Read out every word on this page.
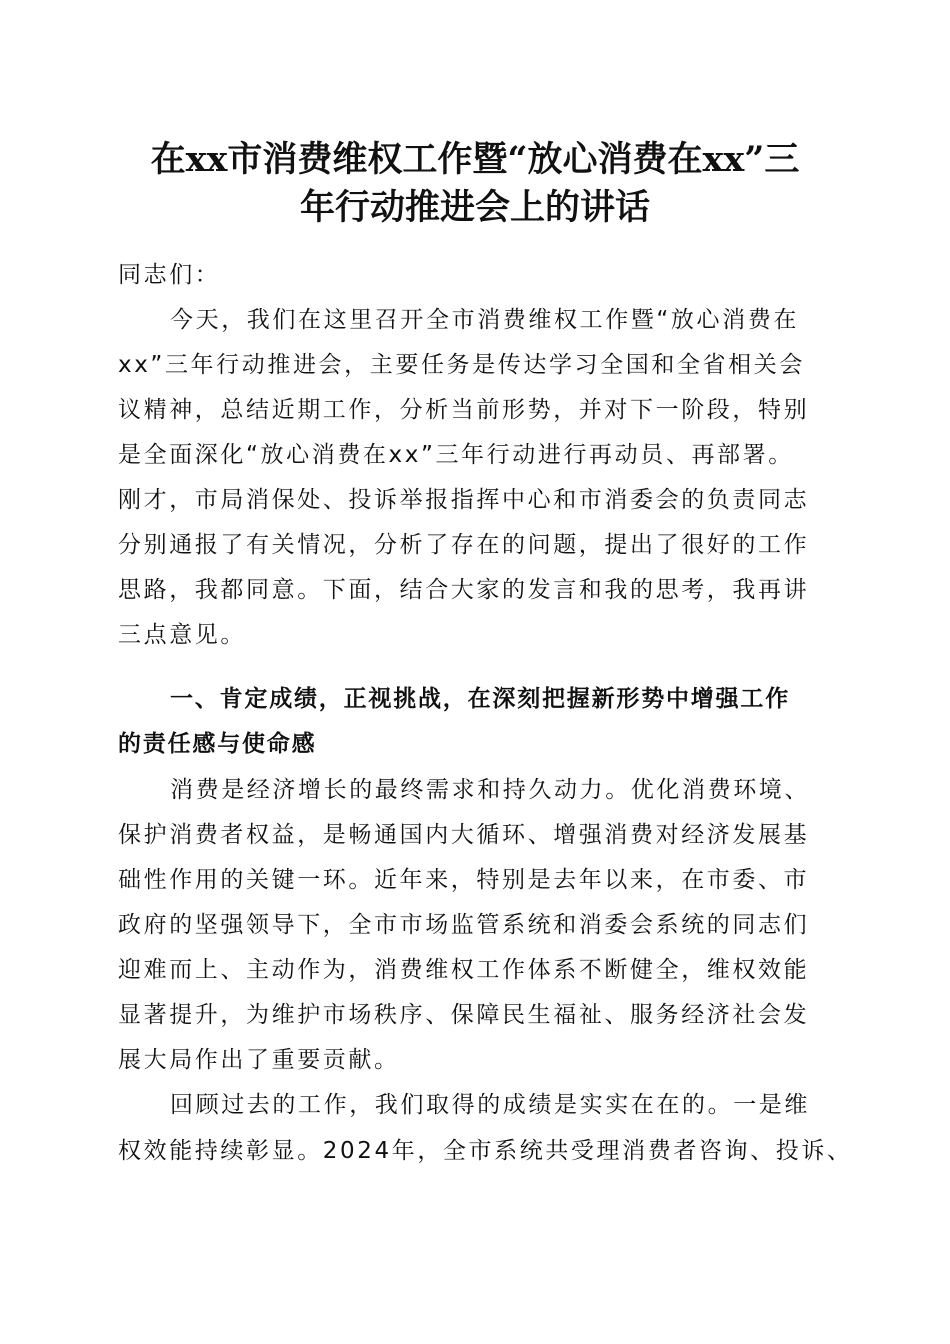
在xx市消费维权工作暨“放心消费在xx”三
年行动推进会上的讲话
同志们：
今天，我们在这里召开全市消费维权工作暨“放心消费在
xx”三年行动推进会，主要任务是传达学习全国和全省相关会
议精神，总结近期工作，分析当前形势，并对下一阶段，特别
是全面深化“放心消费在xx”三年行动进行再动员、再部署。
刚才，市局消保处、投诉举报指挥中心和市消委会的负责同志
分别通报了有关情况，分析了存在的问题，提出了很好的工作
思路，我都同意。下面，结合大家的发言和我的思考，我再讲
三点意见。
一、肯定成绩，正视挑战，在深刻把握新形势中增强工作
的责任感与使命感
消费是经济增长的最终需求和持久动力。优化消费环境、
保护消费者权益，是畅通国内大循环、增强消费对经济发展基
础性作用的关键一环。近年来，特别是去年以来，在市委、市
政府的坚强领导下，全市市场监管系统和消委会系统的同志们
迎难而上、主动作为，消费维权工作体系不断健全，维权效能
显著提升，为维护市场秩序、保障民生福祉、服务经济社会发
展大局作出了重要贡献。
回顾过去的工作，我们取得的成绩是实实在在的。一是维
权效能持续彰显。2024年，全市系统共受理消费者咨询、投诉、
